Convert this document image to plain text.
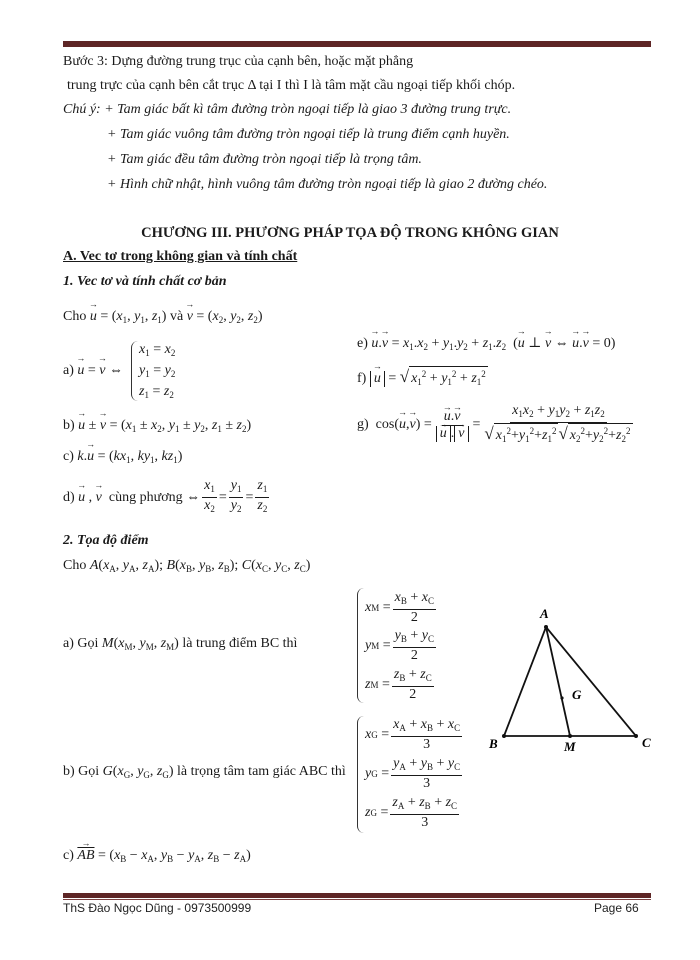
Bước 3: Dựng đường trung trục của cạnh bên, hoặc mặt phẳng
trung trực của cạnh bên cắt trục Δ tại I thì I là tâm mặt cầu ngoại tiếp khối chóp.
Chú ý: + Tam giác bất kì tâm đường tròn ngoại tiếp là giao 3 đường trung trực.
+ Tam giác vuông tâm đường tròn ngoại tiếp là trung điểm cạnh huyền.
+ Tam giác đều tâm đường tròn ngoại tiếp là trọng tâm.
+ Hình chữ nhật, hình vuông tâm đường tròn ngoại tiếp là giao 2 đường chéo.
CHƯƠNG III. PHƯƠNG PHÁP TỌA ĐỘ TRONG KHÔNG GIAN
A. Vec tơ trong không gian và tính chất
1. Vec tơ và tính chất cơ bản
Cho → $u = (x_1$, $y_1$, $z_1$) và → $v = (x_2$, $y_2$, $z_2$)
a) → u = → v ⇔
$x_1 = x_2$
$y_1 = y_2$
$z_1 = z_2$
b) → u ± → $v = (x_1 \pm x_2$, $y_1 \pm y_2$, $z_1 \pm z_2$)
c) $k.\to u = (kx_1$, $ky_1$, $kz_1$)
d)
→ u , → v
cùng phương ⇔ $\frac{x_1}{x_2} = \frac{y_1}{y_2} = \frac{z_1}{z_2}$
$e) \to u.\to v = x_1.x_2 + y_1.y_2 + z_1.z_2$  (→ u ⊥ → v ⇔ → u.→ v = 0)
f) → u = √ $x_1^2 + y_1^2 + z_1^2$
g) cos( → u , → v ) = → u.→ v
→ u . → $v = \frac{x_1x_2 + y_1y_2 + z_1z_2}{√ x_1^2+y_1^2+z_1^2 √ x_2^2+y_2^2+z_2^2}$
2. Tọa độ điểm
Cho $A(x_A$, $y_A$, $z_A$); $B(x_B$, $y_B$, $z_B$); $C(x_C$, $y_C$, $z_C$)
a) Gọi $M(x_M$, $y_M$, $z_M$) là trung điểm BC thì
x $M = \frac{x_B + x_C}{2}$
y $M = \frac{y_B + y_C}{2}$
z $M = \frac{z_B + z_C}{2}$
b) Gọi $G(x_G$, $y_G$, $z_G$) là trọng tâm tam giác ABC thì
x $G = \frac{x_A + x_B + x_C}{3}$
y $G = \frac{y_A + y_B + y_C}{3}$
z $G = \frac{z_A + z_B + z_C}{3}$
$c) \to \overline{AB} = (x_B - x_A$, $y_B - y_A$, $z_B - z_A$)
A
G
B	M	C
ThS Đào Ngọc Dũng - 0973500999	Page 66
